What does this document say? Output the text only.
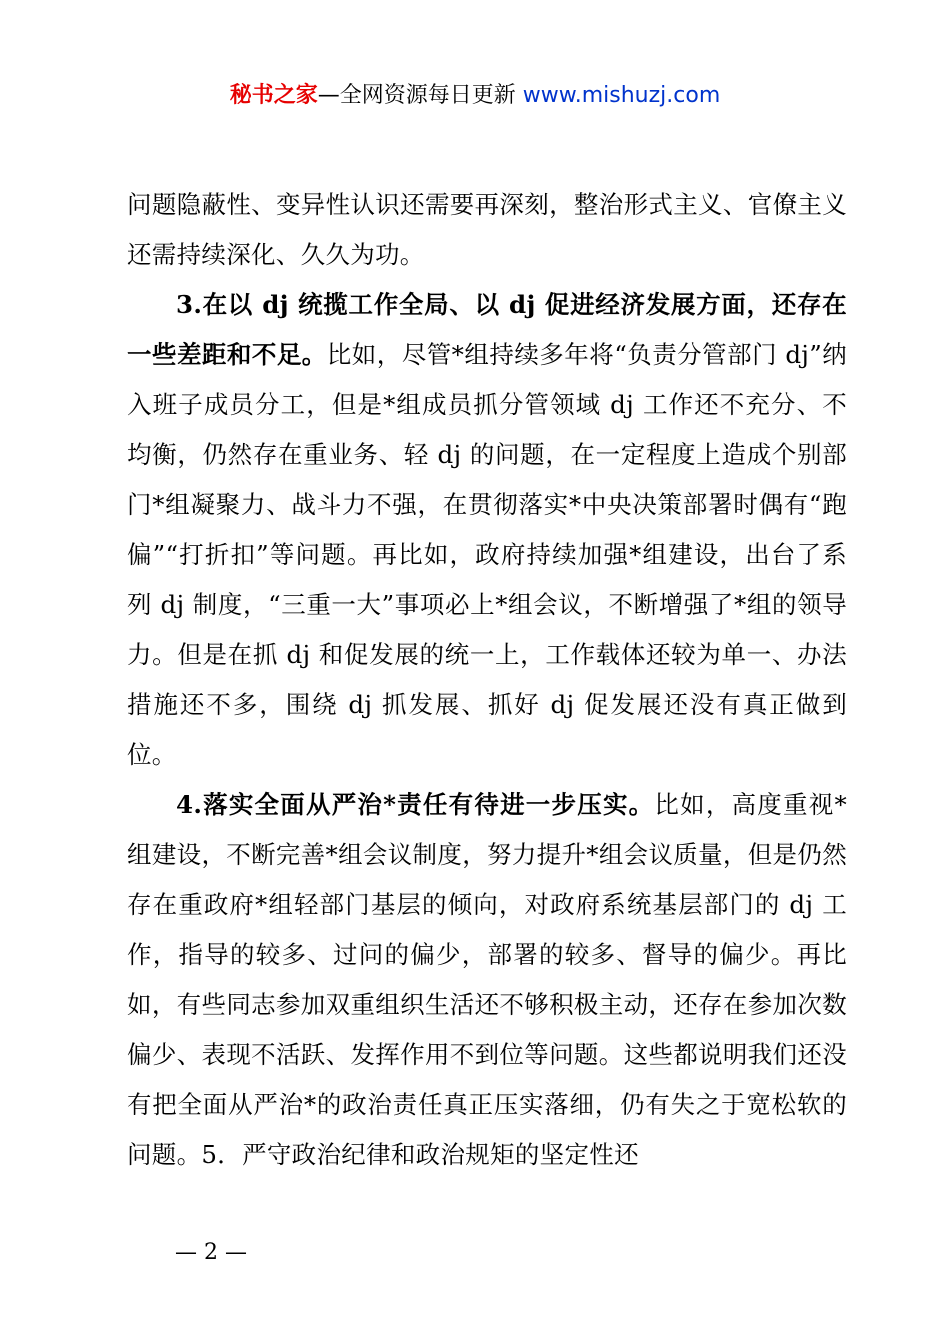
秘书之家—全网资源每日更新 www.mishuzj.com

问题隐蔽性、变异性认识还需要再深刻，整治形式主义、官僚主义还需持续深化、久久为功。

3.在以 dj 统揽工作全局、以 dj 促进经济发展方面，还存在一些差距和不足。比如，尽管*组持续多年将“负责分管部门 dj”纳入班子成员分工，但是*组成员抓分管领域 dj 工作还不充分、不均衡，仍然存在重业务、轻 dj 的问题，在一定程度上造成个别部门*组凝聚力、战斗力不强，在贯彻落实*中央决策部署时偶有“跑偏”“打折扣”等问题。再比如，政府持续加强*组建设，出台了系列 dj 制度，“三重一大”事项必上*组会议，不断增强了*组的领导力。但是在抓 dj 和促发展的统一上，工作载体还较为单一、办法措施还不多，围绕 dj 抓发展、抓好 dj 促发展还没有真正做到位。

4.落实全面从严治*责任有待进一步压实。比如，高度重视*组建设，不断完善*组会议制度，努力提升*组会议质量，但是仍然存在重政府*组轻部门基层的倾向，对政府系统基层部门的 dj 工作，指导的较多、过问的偏少，部署的较多、督导的偏少。再比如，有些同志参加双重组织生活还不够积极主动，还存在参加次数偏少、表现不活跃、发挥作用不到位等问题。这些都说明我们还没有把全面从严治*的政治责任真正压实落细，仍有失之于宽松软的问题。5．严守政治纪律和政治规矩的坚定性还

— 2 —
